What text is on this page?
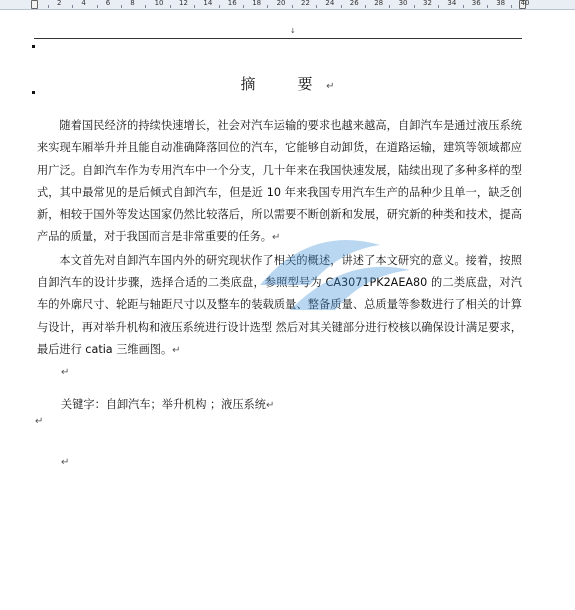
2	4	6	8	10 12 14 16 18 20 22 24 26 28 30 32 34 36 38 40
↓
摘　要↵

随着国民经济的持续快速增长，社会对汽车运输的要求也越来越高，自卸汽车是通过液压系统来实现车厢举升并且能自动准确降落回位的汽车，它能够自动卸货，在道路运输，建筑等领域都应用广泛。自卸汽车作为专用汽车中一个分支，几十年来在我国快速发展，陆续出现了多种多样的型式，其中最常见的是后倾式自卸汽车，但是近 10 年来我国专用汽车生产的品种少且单一，缺乏创新，相较于国外等发达国家仍然比较落后，所以需要不断创新和发展，研究新的种类和技术，提高产品的质量，对于我国而言是非常重要的任务。↵

本文首先对自卸汽车国内外的研究现状作了相关的概述，讲述了本文研究的意义。接着，按照自卸汽车的设计步骤，选择合适的二类底盘，参照型号为 CA3071PK2AEA80 的二类底盘，对汽车的外廓尺寸、轮距与轴距尺寸以及整车的装载质量、整备质量、总质量等参数进行了相关的计算与设计，再对举升机构和液压系统进行设计选型 然后对其关键部分进行校核以确保设计满足要求，最后进行 catia 三维画图。↵

↵
关键字：自卸汽车；举升机构 ；液压系统↵
↵
↵
